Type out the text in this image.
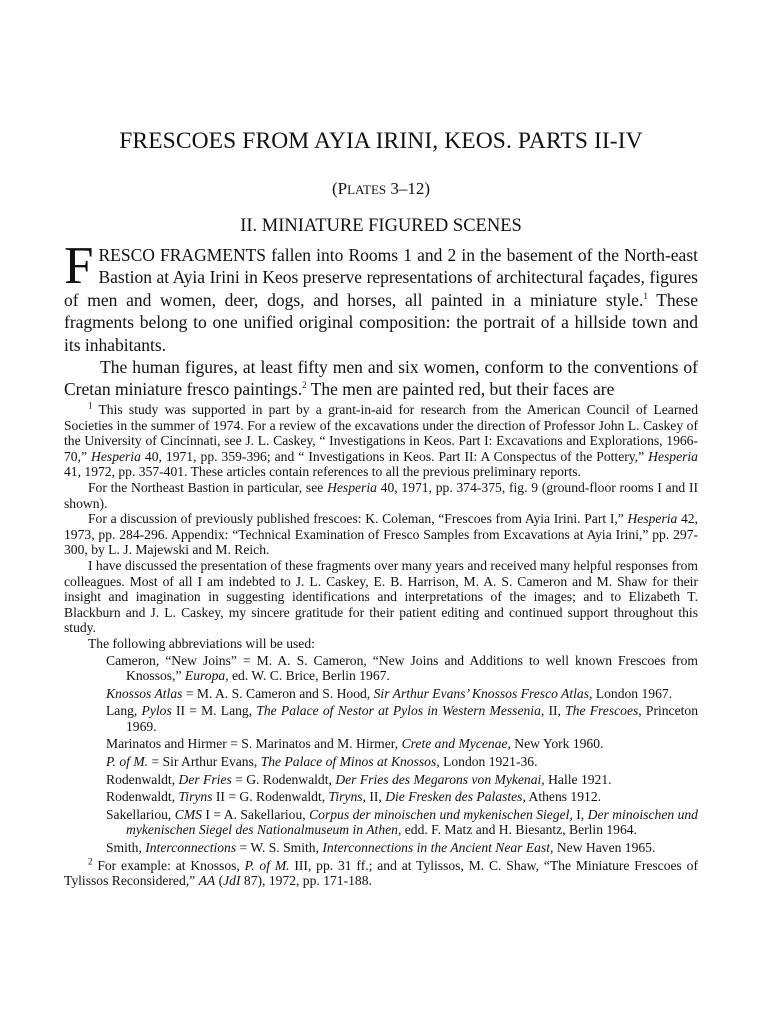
FRESCOES FROM AYIA IRINI, KEOS. PARTS II-IV
(PLATES 3–12)
II. MINIATURE FIGURED SCENES

FRESCO FRAGMENTS fallen into Rooms 1 and 2 in the basement of the North-east Bastion at Ayia Irini in Keos preserve representations of architectural façades, figures of men and women, deer, dogs, and horses, all painted in a miniature style.$^1$ These fragments belong to one unified original composition: the portrait of a hillside town and its inhabitants.

The human figures, at least fifty men and six women, conform to the conventions of Cretan miniature fresco paintings.$^2$ The men are painted red, but their faces are

$^1$ This study was supported in part by a grant-in-aid for research from the American Council of Learned Societies in the summer of 1974. For a review of the excavations under the direction of Professor John L. Caskey of the University of Cincinnati, see J. L. Caskey, “ Investigations in Keos. Part I: Excavations and Explorations, 1966-70,” Hesperia 40, 1971, pp. 359-396; and “ Investigations in Keos. Part II: A Conspectus of the Pottery,” Hesperia 41, 1972, pp. 357-401. These articles contain references to all the previous preliminary reports.

For the Northeast Bastion in particular, see Hesperia 40, 1971, pp. 374-375, fig. 9 (ground-floor rooms I and II shown).

For a discussion of previously published frescoes: K. Coleman, “Frescoes from Ayia Irini. Part I,” Hesperia 42, 1973, pp. 284-296. Appendix: “Technical Examination of Fresco Samples from Excavations at Ayia Irini,” pp. 297-300, by L. J. Majewski and M. Reich.

I have discussed the presentation of these fragments over many years and received many helpful responses from colleagues. Most of all I am indebted to J. L. Caskey, E. B. Harrison, M. A. S. Cameron and M. Shaw for their insight and imagination in suggesting identifications and interpretations of the images; and to Elizabeth T. Blackburn and J. L. Caskey, my sincere gratitude for their patient editing and continued support throughout this study.

The following abbreviations will be used:

Cameron, “New Joins” = M. A. S. Cameron, “New Joins and Additions to well known Frescoes from Knossos,” Europa, ed. W. C. Brice, Berlin 1967.
Knossos Atlas = M. A. S. Cameron and S. Hood, Sir Arthur Evans’ Knossos Fresco Atlas, London 1967.
Lang, Pylos II = M. Lang, The Palace of Nestor at Pylos in Western Messenia, II, The Frescoes, Princeton 1969.
Marinatos and Hirmer = S. Marinatos and M. Hirmer, Crete and Mycenae, New York 1960.
P. of M. = Sir Arthur Evans, The Palace of Minos at Knossos, London 1921-36.
Rodenwaldt, Der Fries = G. Rodenwaldt, Der Fries des Megarons von Mykenai, Halle 1921.
Rodenwaldt, Tiryns II = G. Rodenwaldt, Tiryns, II, Die Fresken des Palastes, Athens 1912.
Sakellariou, CMS I = A. Sakellariou, Corpus der minoischen und mykenischen Siegel, I, Der minoischen und mykenischen Siegel des Nationalmuseum in Athen, edd. F. Matz and H. Biesantz, Berlin 1964.
Smith, Interconnections = W. S. Smith, Interconnections in the Ancient Near East, New Haven 1965.

$^2$ For example: at Knossos, P. of M. III, pp. 31 ff.; and at Tylissos, M. C. Shaw, “The Miniature Frescoes of Tylissos Reconsidered,” AA (JdI 87), 1972, pp. 171-188.
